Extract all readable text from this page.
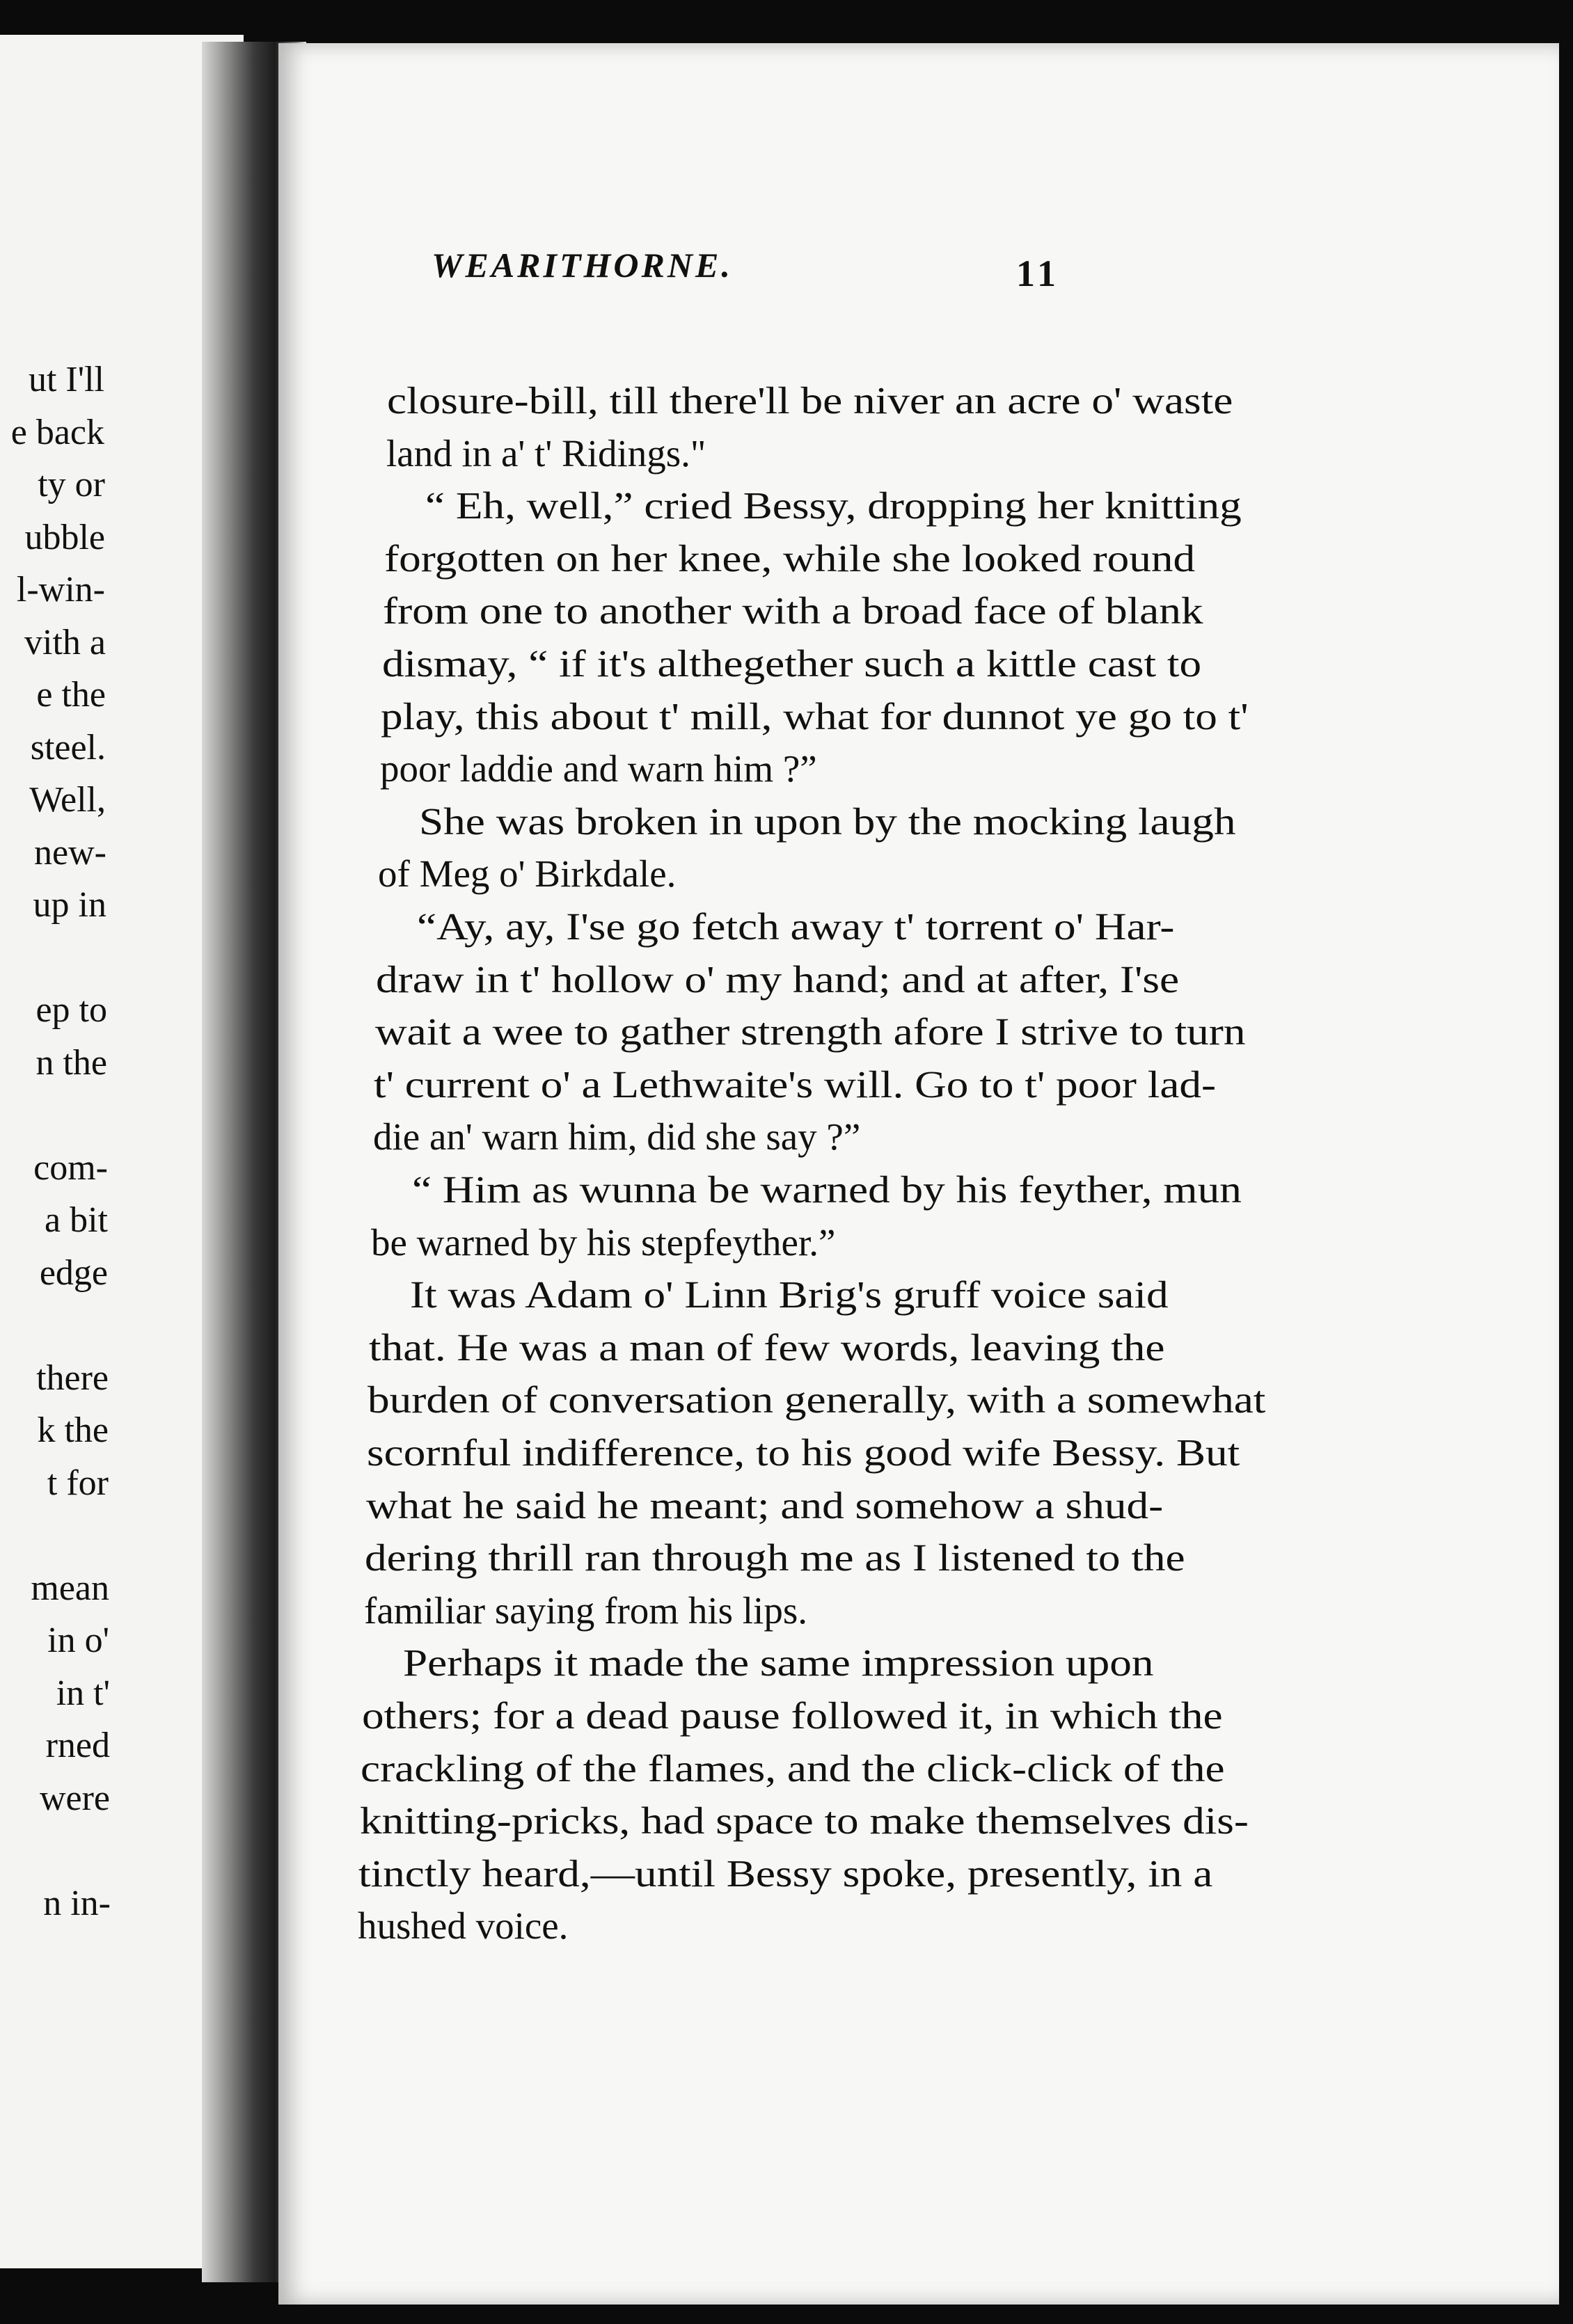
ut I'll
e back
ty or
ubble
l-win-
vith a
e the
steel.
Well,
new-
up in
ep to
n the
com-
a bit
edge
there
k the
t for
mean
in o'
in t'
rned
were
n in-
WEARITHORNE.	11
closure-bill, till there'll be niver an acre o' waste
land in a' t' Ridings."
“ Eh, well,” cried Bessy, dropping her knitting
forgotten on her knee, while she looked round
from one to another with a broad face of blank
dismay, “ if it's althegether such a kittle cast to
play, this about t' mill, what for dunnot ye go to t'
poor laddie and warn him ?”
She was broken in upon by the mocking laugh
of Meg o' Birkdale.
“Ay, ay, I'se go fetch away t' torrent o' Har-
draw in t' hollow o' my hand; and at after, I'se
wait a wee to gather strength afore I strive to turn
t' current o' a Lethwaite's will. Go to t' poor lad-
die an' warn him, did she say ?”
“ Him as wunna be warned by his feyther, mun
be warned by his stepfeyther.”
It was Adam o' Linn Brig's gruff voice said
that. He was a man of few words, leaving the
burden of conversation generally, with a somewhat
scornful indifference, to his good wife Bessy. But
what he said he meant; and somehow a shud-
dering thrill ran through me as I listened to the
familiar saying from his lips.
Perhaps it made the same impression upon
others; for a dead pause followed it, in which the
crackling of the flames, and the click-click of the
knitting-pricks, had space to make themselves dis-
tinctly heard,—until Bessy spoke, presently, in a
hushed voice.
